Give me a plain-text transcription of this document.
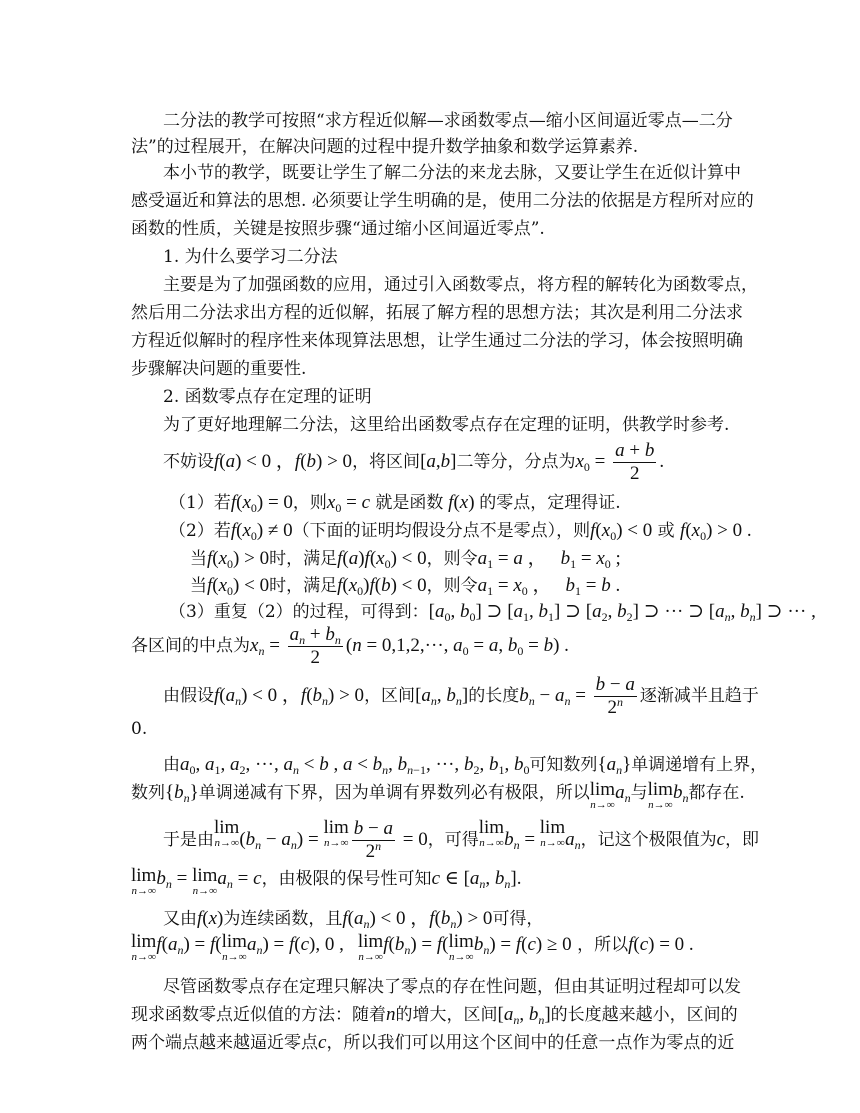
二分法的教学可按照“求方程近似解—求函数零点—缩小区间逼近零点—二分
法”的过程展开，在解决问题的过程中提升数学抽象和数学运算素养.
本小节的教学，既要让学生了解二分法的来龙去脉，又要让学生在近似计算中
感受逼近和算法的思想. 必须要让学生明确的是，使用二分法的依据是方程所对应的
函数的性质，关键是按照步骤“通过缩小区间逼近零点”.
1. 为什么要学习二分法
主要是为了加强函数的应用，通过引入函数零点，将方程的解转化为函数零点，
然后用二分法求出方程的近似解，拓展了解方程的思想方法；其次是利用二分法求
方程近似解时的程序性来体现算法思想，让学生通过二分法的学习，体会按照明确
步骤解决问题的重要性.
2. 函数零点存在定理的证明
为了更好地理解二分法，这里给出函数零点存在定理的证明，供教学时参考.
不妨设f(a) < 0 ，f(b) > 0，将区间[a,b]二等分，分点为$x_0 = \frac{a + b}{2}$ .
（1）若$f(x_0) = 0$，则$x_0 = c$ 就是函数 f(x) 的零点，定理得证.
（2）若$f(x_0) \ne 0$（下面的证明均假设分点不是零点），则$f(x_0) < 0$ 或 $f(x_0) > 0$ .
当$f(x_0) > 0$时，满足$f(a)f(x_0) < 0$，则令$a_1 = a$ ， $b_1 = x_0$ ;
当$f(x_0) < 0$时，满足$f(x_0)f(b) < 0$，则令$a_1 = x_0$ ， $b_1 = b$ .
（3）重复（2）的过程，可得到：[$a_0$, $b_0$] ⊃ [$a_1$, $b_1$] ⊃ [$a_2$, $b_2$] ⊃ ··· ⊃ [$a_n$, $b_n$] ⊃ ··· ,
各区间的中点为$x_n = \frac{a_n + b_n}{2} (n = 0,1,2,\cdot\cdot\cdot$, $a_0 = a$, $b_0 = b$) .
由假设$f(a_n) < 0$ ，$f(b_n) > 0$，区间[$a_n$, $b_n$]的长度$b_n - a_n = \frac{b - a}{2^n}$ 逐渐减半且趋于
0.
由$a_0$, $a_1$, $a_2$, ···, $a_n < b$ , $a < b_n$, $b_{n-1}$, ···, $b_2$, $b_1$, $b_0$可知数列$\{a_n\}$单调递增有上界，
数列$\{b_n\}$单调递减有下界，因为单调有界数列必有极限，所以lim
n→∞
$a_n$与lim
n→∞
$b_n$都存在.
于是由lim
n→∞ $(b_n - a_n) = \lim$
$n\to\infty \frac{b - a}{2^n} = 0$，可得lim
n→∞ $b_n = \lim$
n→∞ $a_n$，记这个极限值为c，即
lim
n→∞
$b_n = \lim$
n→∞
$a_n = c$，由极限的保号性可知c ∈ [$a_n$, $b_n$].
又由f(x)为连续函数，且$f(a_n) < 0$ ，$f(b_n) > 0$可得，
lim
n→∞
$f(a_n) = f(\lim$
n→∞
$a_n) = f(c)$, 0 , lim
n→∞
$f(b_n) = f(\lim$
n→∞
$b_n) = f(c) \ge 0$ ，所以f(c) = 0 .
尽管函数零点存在定理只解决了零点的存在性问题，但由其证明过程却可以发
现求函数零点近似值的方法：随着n的增大，区间[$a_n$, $b_n$]的长度越来越小，区间的
两个端点越来越逼近零点c，所以我们可以用这个区间中的任意一点作为零点的近
